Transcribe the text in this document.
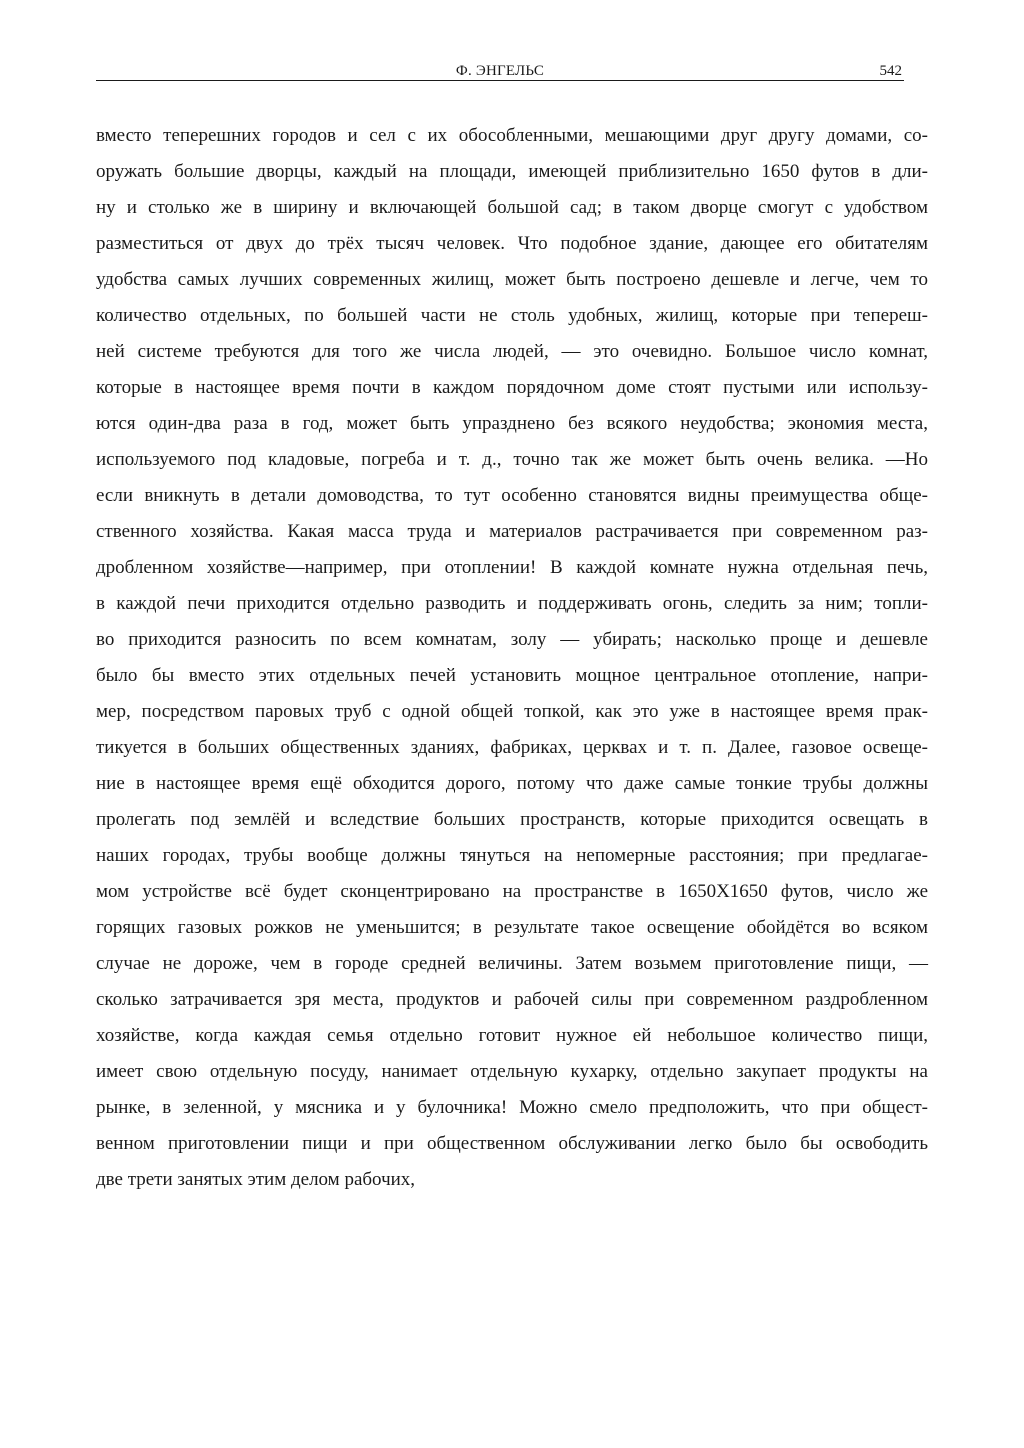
Ф. ЭНГЕЛЬС	542

вместо теперешних городов и сел с их обособленными, мешающими друг другу домами, со-
оружать большие дворцы, каждый на площади, имеющей приблизительно 1650 футов в дли-
ну и столько же в ширину и включающей большой сад; в таком дворце смогут с удобством
разместиться от двух до трёх тысяч человек. Что подобное здание, дающее его обитателям
удобства самых лучших современных жилищ, может быть построено дешевле и легче, чем то
количество отдельных, по большей части не столь удобных, жилищ, которые при теперeш-
ней системе требуются для того же числа людей, — это очевидно. Большое число комнат,
которые в настоящее время почти в каждом порядочном доме стоят пустыми или использу-
ются один-два раза в год, может быть упразднено без всякого неудобства; экономия места,
используемого под кладовые, погреба и т. д., точно так же может быть очень велика. —Но
если вникнуть в детали домоводства, то тут особенно становятся видны преимущества обще-
ственного хозяйства. Какая масса труда и материалов растрачивается при современном раз-
дробленном хозяйстве—например, при отоплении! В каждой комнате нужна отдельная печь,
в каждой печи приходится отдельно разводить и поддерживать огонь, следить за ним; топли-
во приходится разносить по всем комнатам, золу — убирать; насколько проще и дешевле
было бы вместо этих отдельных печей установить мощное центральное отопление, напри-
мер, посредством паровых труб с одной общей топкой, как это уже в настоящее время прак-
тикуется в больших общественных зданиях, фабриках, церквах и т. п. Далее, газовое освеще-
ние в настоящее время ещё обходится дорого, потому что даже самые тонкие трубы должны
пролегать под землёй и вследствие больших пространств, которые приходится освещать в
наших городах, трубы вообще должны тянуться на непомерные расстояния; при предлагае-
мом устройстве всё будет сконцентрировано на пространстве в 1650X1650 футов, число же
горящих газовых рожков не уменьшится; в результате такое освещение обойдётся во всяком
случае не дороже, чем в городе средней величины. Затем возьмем приготовление пищи, —
сколько затрачивается зря места, продуктов и рабочей силы при современном раздробленном
хозяйстве, когда каждая семья отдельно готовит нужное ей небольшое количество пищи,
имеет свою отдельную посуду, нанимает отдельную кухарку, отдельно закупает продукты на
рынке, в зеленной, у мясника и у булочника! Можно смело предположить, что при общест-
венном приготовлении пищи и при общественном обслуживании легко было бы освободить
две трети занятых этим делом рабочих,
